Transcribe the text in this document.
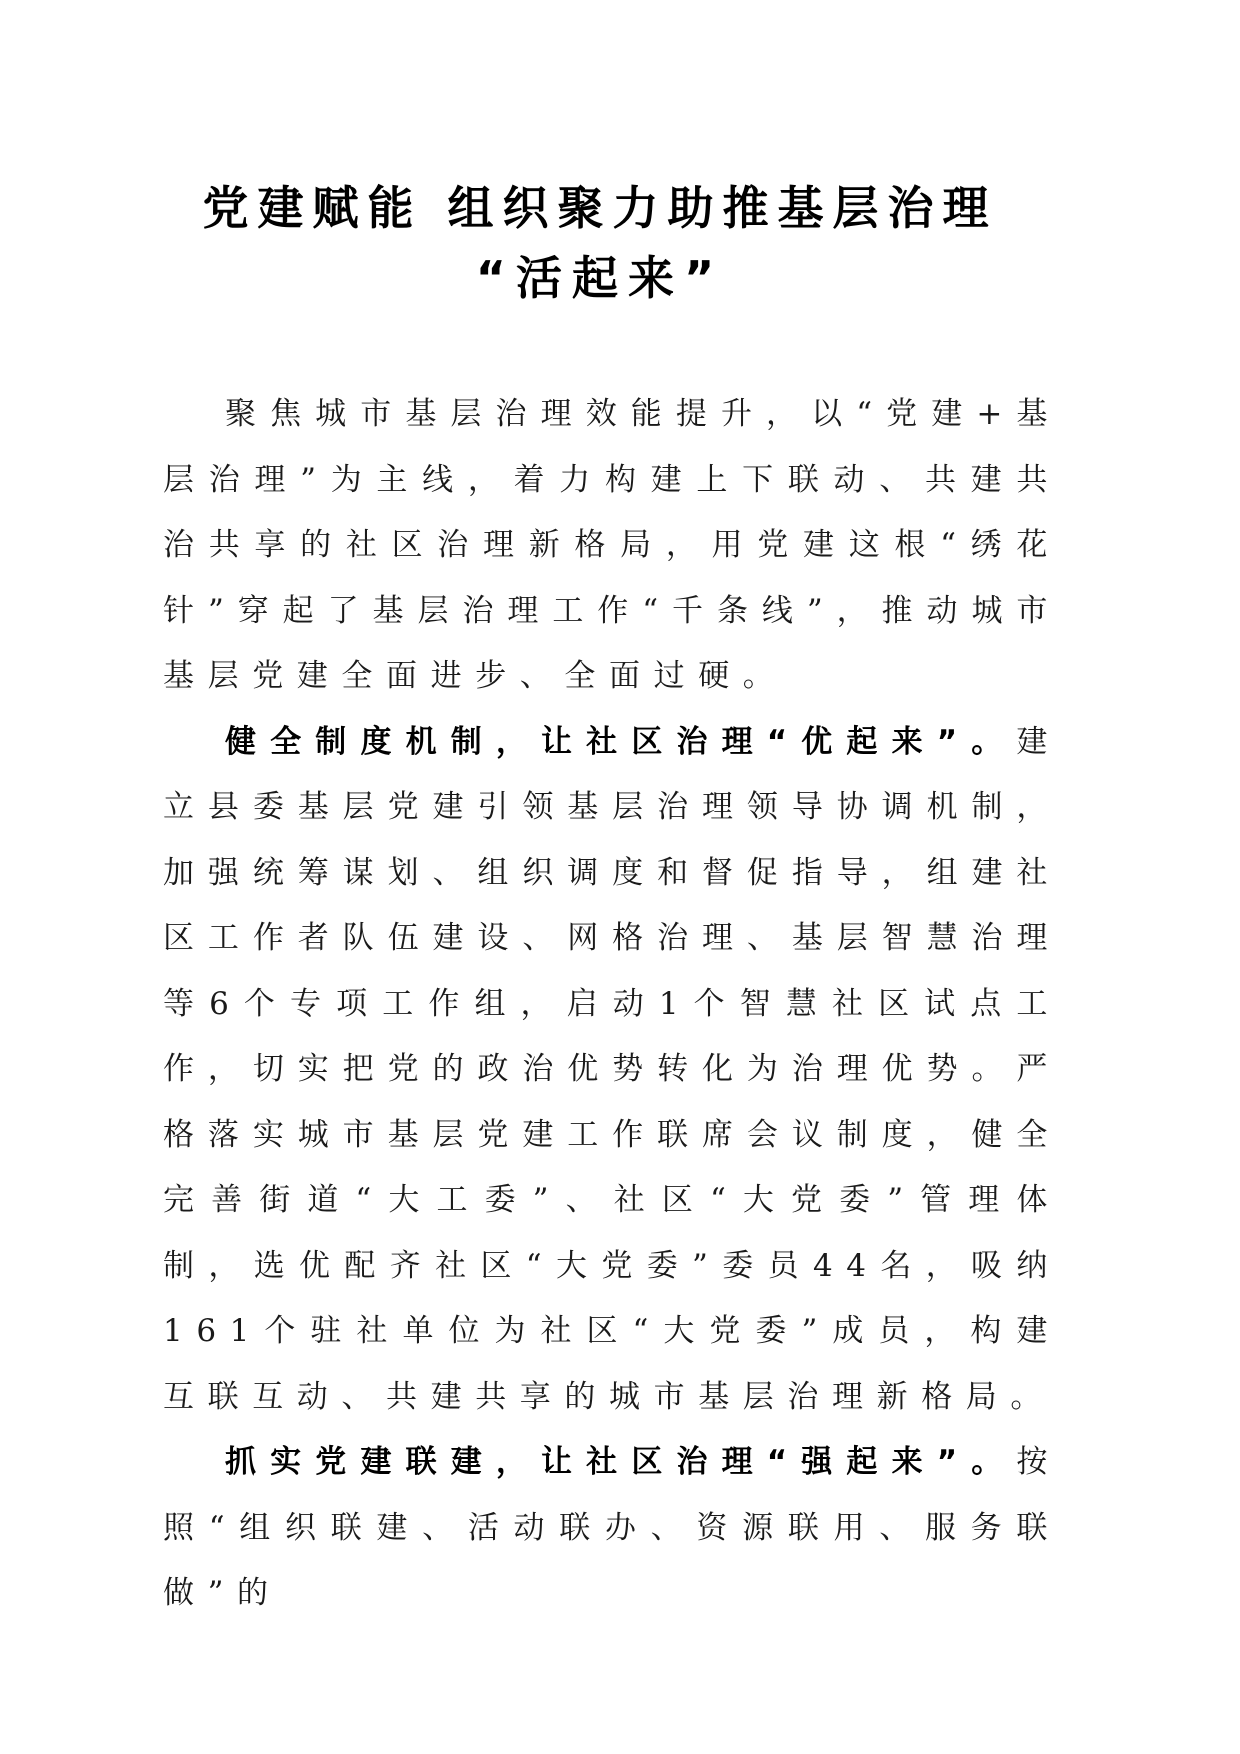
党建赋能 组织聚力助推基层治理
“活起来”

聚焦城市基层治理效能提升，以“党建+基层治理”为主线，着力构建上下联动、共建共治共享的社区治理新格局，用党建这根“绣花针”穿起了基层治理工作“千条线”，推动城市基层党建全面进步、全面过硬。

健全制度机制，让社区治理“优起来”。建立县委基层党建引领基层治理领导协调机制，加强统筹谋划、组织调度和督促指导，组建社区工作者队伍建设、网格治理、基层智慧治理等6个专项工作组，启动1个智慧社区试点工作，切实把党的政治优势转化为治理优势。严格落实城市基层党建工作联席会议制度，健全完善街道“大工委”、社区“大党委”管理体制，选优配齐社区“大党委”委员44名，吸纳161个驻社单位为社区“大党委”成员，构建互联互动、共建共享的城市基层治理新格局。

抓实党建联建，让社区治理“强起来”。按照“组织联建、活动联办、资源联用、服务联做”的
